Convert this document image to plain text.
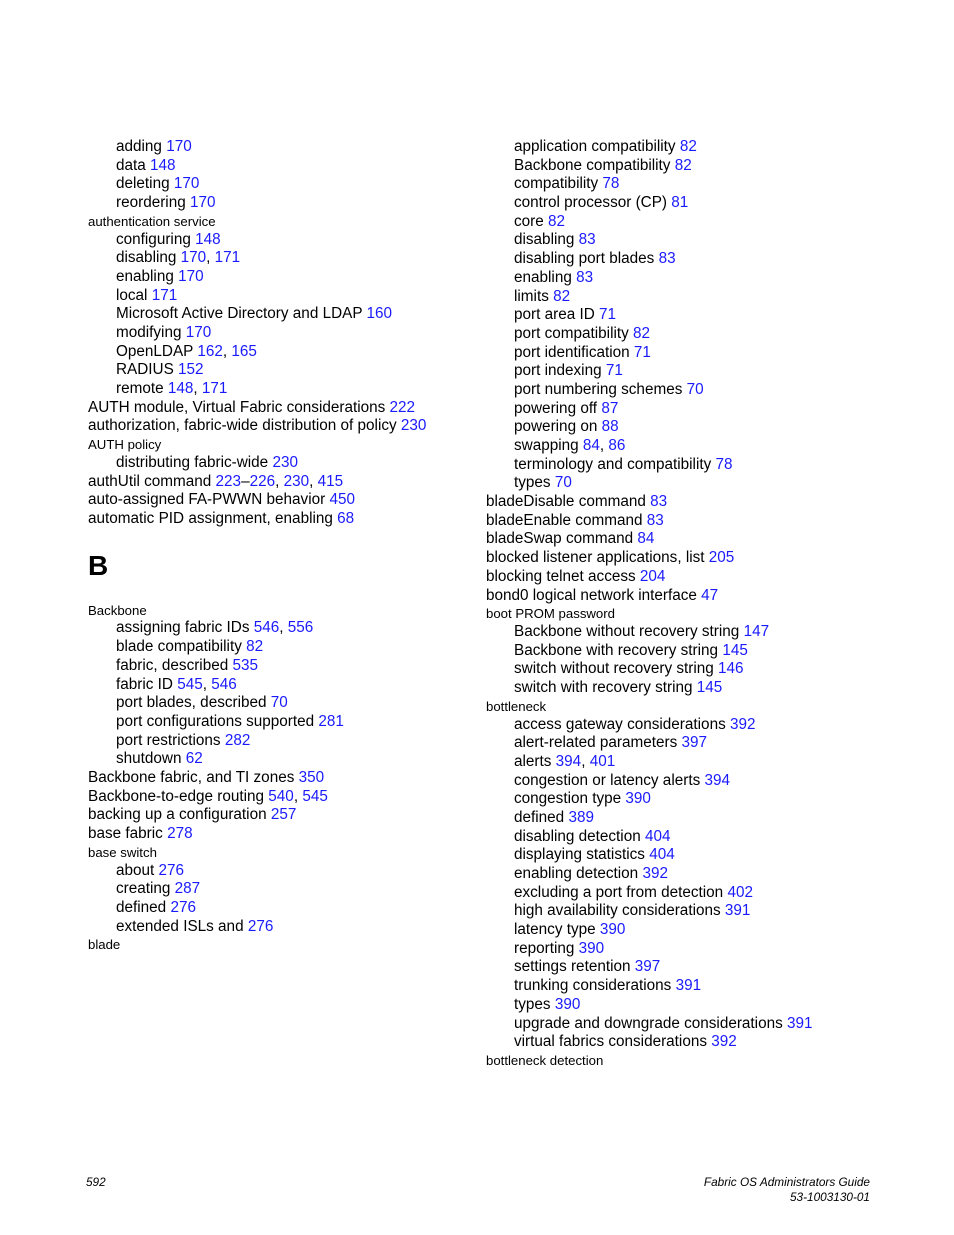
adding 170
data 148
deleting 170
reordering 170
authentication service
configuring 148
disabling 170, 171
enabling 170
local 171
Microsoft Active Directory and LDAP 160
modifying 170
OpenLDAP 162, 165
RADIUS 152
remote 148, 171
AUTH module, Virtual Fabric considerations 222
authorization, fabric-wide distribution of policy 230
AUTH policy
distributing fabric-wide 230
authUtil command 223–226, 230, 415
auto-assigned FA-PWWN behavior 450
automatic PID assignment, enabling 68
B
Backbone
assigning fabric IDs 546, 556
blade compatibility 82
fabric, described 535
fabric ID 545, 546
port blades, described 70
port configurations supported 281
port restrictions 282
shutdown 62
Backbone fabric, and TI zones 350
Backbone-to-edge routing 540, 545
backing up a configuration 257
base fabric 278
base switch
about 276
creating 287
defined 276
extended ISLs and 276
blade
application compatibility 82
Backbone compatibility 82
compatibility 78
control processor (CP) 81
core 82
disabling 83
disabling port blades 83
enabling 83
limits 82
port area ID 71
port compatibility 82
port identification 71
port indexing 71
port numbering schemes 70
powering off 87
powering on 88
swapping 84, 86
terminology and compatibility 78
types 70
bladeDisable command 83
bladeEnable command 83
bladeSwap command 84
blocked listener applications, list 205
blocking telnet access 204
bond0 logical network interface 47
boot PROM password
Backbone without recovery string 147
Backbone with recovery string 145
switch without recovery string 146
switch with recovery string 145
bottleneck
access gateway considerations 392
alert-related parameters 397
alerts 394, 401
congestion or latency alerts 394
congestion type 390
defined 389
disabling detection 404
displaying statistics 404
enabling detection 392
excluding a port from detection 402
high availability considerations 391
latency type 390
reporting 390
settings retention 397
trunking considerations 391
types 390
upgrade and downgrade considerations 391
virtual fabrics considerations 392
bottleneck detection
592	Fabric OS Administrators Guide
53-1003130-01
